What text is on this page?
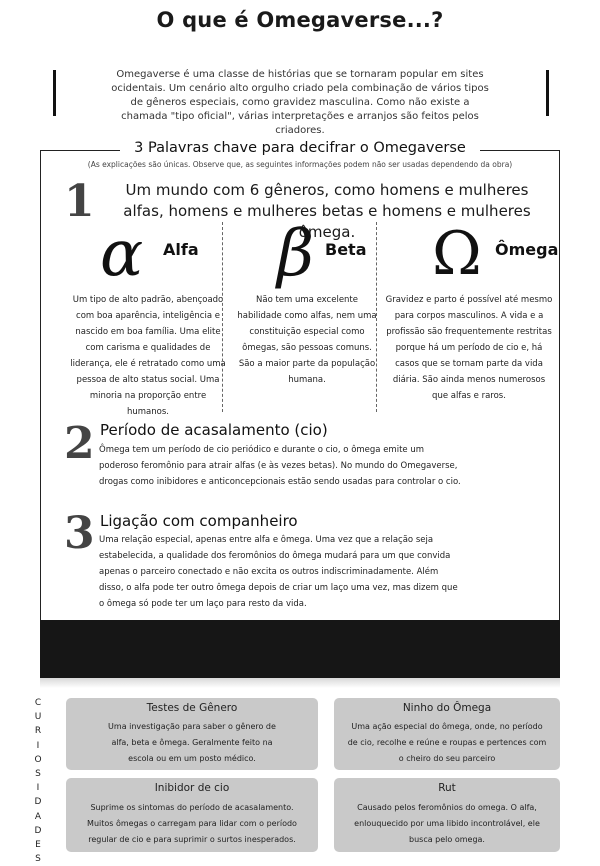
O que é Omegaverse...?
Omegaverse é uma classe de histórias que se tornaram popular em sites ocidentais. Um cenário alto orgulho criado pela combinação de vários tipos de gêneros especiais, como gravidez masculina. Como não existe a chamada "tipo oficial", várias interpretações e arranjos são feitos pelos criadores.
3 Palavras chave para decifrar o Omegaverse
(As explicações são únicas. Observe que, as seguintes informações podem não ser usadas dependendo da obra)
1	Um mundo com 6 gêneros, como homens e mulheres alfas, homens e mulheres betas e homens e mulheres ômega.
α Alfa
Um tipo de alto padrão, abençoado com boa aparência, inteligência e nascido em boa família. Uma elite com carisma e qualidades de liderança, ele é retratado como uma pessoa de alto status social. Uma minoria na proporção entre humanos.
β Beta
Não tem uma excelente habilidade como alfas, nem uma constituição especial como ômegas, são pessoas comuns. São a maior parte da população humana.
Ω Ômega
Gravidez e parto é possível até mesmo para corpos masculinos. A vida e a profissão são frequentemente restritas porque há um período de cio e, há casos que se tornam parte da vida diária. São ainda menos numerosos que alfas e raros.
2 Período de acasalamento (cio)
Ômega tem um período de cio periódico e durante o cio, o ômega emite um poderoso feromônio para atrair alfas (e às vezes betas). No mundo do Omegaverse, drogas como inibidores e anticoncepcionais estão sendo usadas para controlar o cio.
3 Ligação com companheiro
Uma relação especial, apenas entre alfa e ômega. Uma vez que a relação seja estabelecida, a qualidade dos feromônios do ômega mudará para um que convida apenas o parceiro conectado e não excita os outros indiscriminadamente. Além disso, o alfa pode ter outro ômega depois de criar um laço uma vez, mas dizem que o ômega só pode ter um laço para resto da vida.
C
U
R
I
O
S
I
D
A
D
E
S
Testes de Gênero
Uma investigação para saber o gênero de alfa, beta e ômega. Geralmente feito na escola ou em um posto médico.
Ninho do Ômega
Uma ação especial do ômega, onde, no período de cio, recolhe e reúne e roupas e pertences com o cheiro do seu parceiro
Inibidor de cio
Suprime os sintomas do período de acasalamento. Muitos ômegas o carregam para lidar com o período regular de cio e para suprimir o surtos inesperados.
Rut
Causado pelos feromônios do omega. O alfa, enlouquecido por uma libido incontrolável, ele busca pelo omega.
